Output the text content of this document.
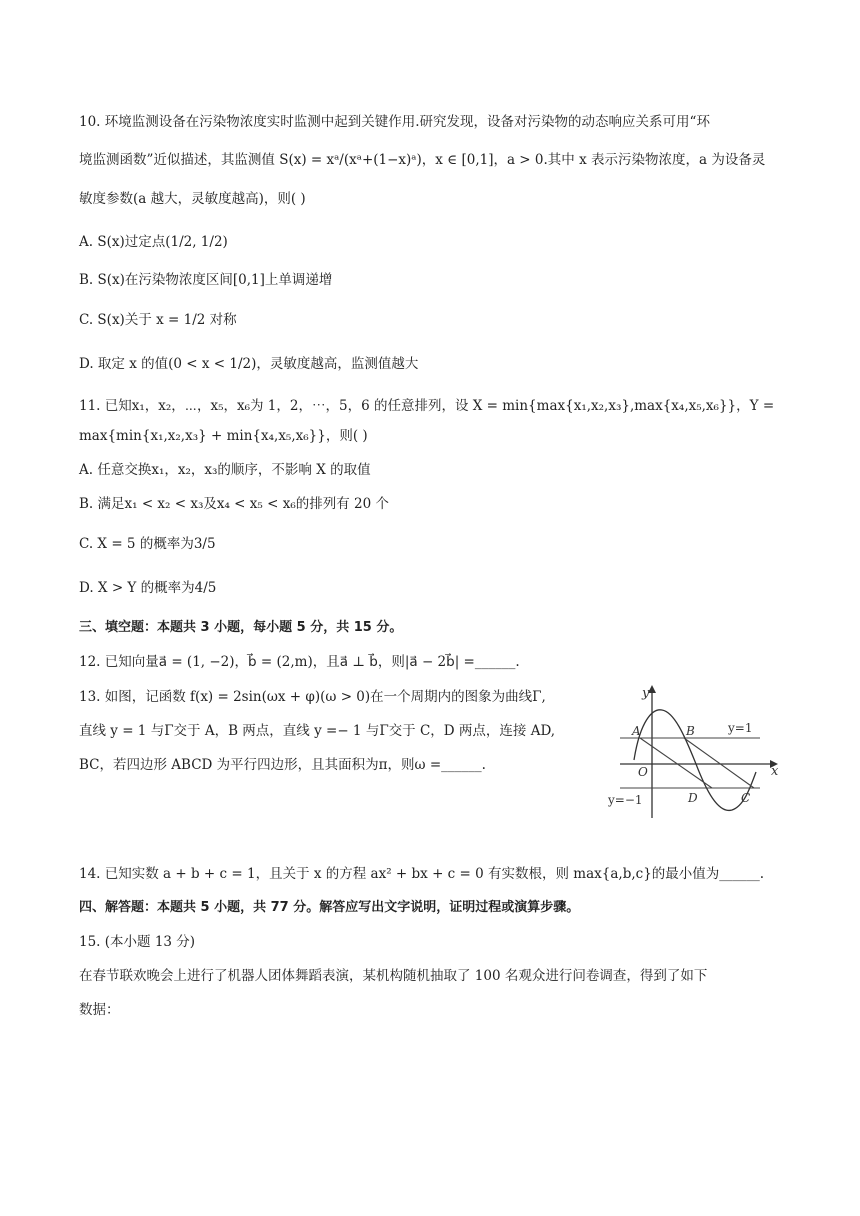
10. 环境监测设备在污染物浓度实时监测中起到关键作用.研究发现，设备对污染物的动态响应关系可用“环
境监测函数”近似描述，其监测值 S(x) = xᵃ/(xᵃ+(1−x)ᵃ)，x ∈ [0,1]，a > 0.其中 x 表示污染物浓度，a 为设备灵
敏度参数(a 越大，灵敏度越高)，则( )
A. S(x)过定点(1/2, 1/2)
B. S(x)在污染物浓度区间[0,1]上单调递增
C. S(x)关于 x = 1/2 对称
D. 取定 x 的值(0 < x < 1/2)，灵敏度越高，监测值越大
11. 已知x₁，x₂，⋯，x₅，x₆为 1，2，⋯，5，6 的任意排列，设 X = min{max{x₁,x₂,x₃},max{x₄,x₅,x₆}}，Y =
max{min{x₁,x₂,x₃} + min{x₄,x₅,x₆}}，则( )
A. 任意交换x₁，x₂，x₃的顺序，不影响 X 的取值
B. 满足x₁ < x₂ < x₃及x₄ < x₅ < x₆的排列有 20 个
C. X = 5 的概率为3/5
D. X > Y 的概率为4/5
三、填空题：本题共 3 小题，每小题 5 分，共 15 分。
12. 已知向量a⃗ = (1, −2)，b⃗ = (2,m)，且a⃗ ⊥ b⃗，则|a⃗ − 2b⃗| =______.
13. 如图，记函数 f(x) = 2sin(ωx + φ)(ω > 0)在一个周期内的图象为曲线Γ,
直线 y = 1 与Γ交于 A，B 两点，直线 y =− 1 与Γ交于 C，D 两点，连接 AD,
BC，若四边形 ABCD 为平行四边形，且其面积为π，则ω =______.
y
x
O
A	B
C
D
y=1
y=−1
14. 已知实数 a + b + c = 1，且关于 x 的方程 ax² + bx + c = 0 有实数根，则 max{a,b,c}的最小值为______.
四、解答题：本题共 5 小题，共 77 分。解答应写出文字说明，证明过程或演算步骤。
15. (本小题 13 分)
在春节联欢晚会上进行了机器人团体舞蹈表演，某机构随机抽取了 100 名观众进行问卷调查，得到了如下
数据：
